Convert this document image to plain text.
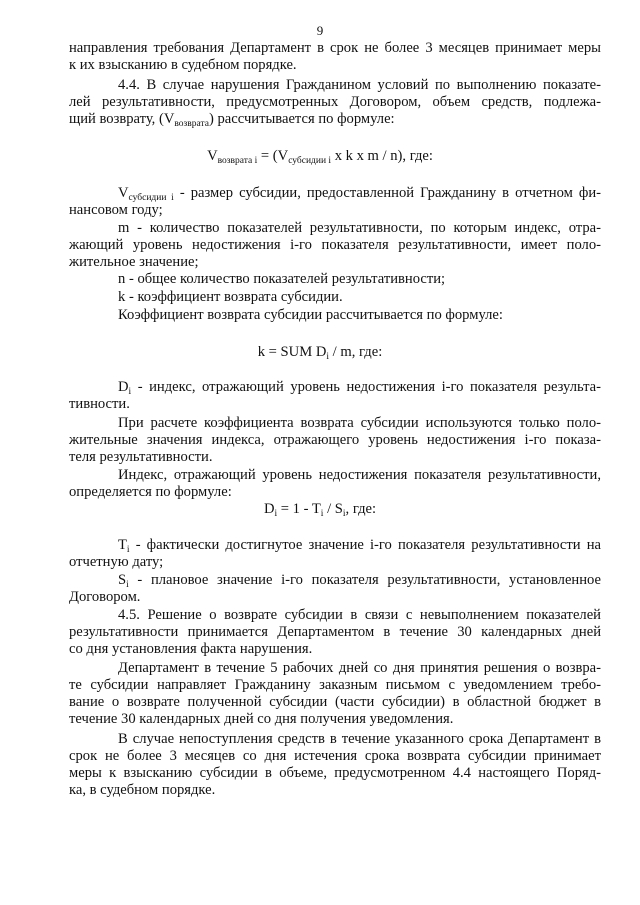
9
направления требования Департамент в срок не более 3 месяцев принимает меры
к их взысканию в судебном порядке.
4.4. В случае нарушения Гражданином условий по выполнению показате-
лей результативности, предусмотренных Договором, объем средств, подлежа-
щий возврату, $(V_{возврата})$ рассчитывается по формуле:
$V_{возврата i} = (V_{субсидии i}$ x k x m / n), где:
$V_{субсидии i}$ - размер субсидии, предоставленной Гражданину в отчетном фи-
нансовом году;
m - количество показателей результативности, по которым индекс, отра-
жающий уровень недостижения i-го показателя результативности, имеет поло-
жительное значение;
n - общее количество показателей результативности;
k - коэффициент возврата субсидии.
Коэффициент возврата субсидии рассчитывается по формуле:
k = SUM $D_i$ / m, где:
$D_i$ - индекс, отражающий уровень недостижения i-го показателя результа-
тивности.
При расчете коэффициента возврата субсидии используются только поло-
жительные значения индекса, отражающего уровень недостижения i-го показа-
теля результативности.
Индекс, отражающий уровень недостижения показателя результативности,
определяется по формуле:
$D_i = 1 - T_i / S_i$, где:
$T_i$ - фактически достигнутое значение i-го показателя результативности на
отчетную дату;
$S_i$ - плановое значение i-го показателя результативности, установленное
Договором.
4.5. Решение о возврате субсидии в связи с невыполнением показателей
результативности принимается Департаментом в течение 30 календарных дней
со дня установления факта нарушения.
Департамент в течение 5 рабочих дней со дня принятия решения о возвра-
те субсидии направляет Гражданину заказным письмом с уведомлением требо-
вание о возврате полученной субсидии (части субсидии) в областной бюджет в
течение 30 календарных дней со дня получения уведомления.
В случае непоступления средств в течение указанного срока Департамент в
срок не более 3 месяцев со дня истечения срока возврата субсидии принимает
меры к взысканию субсидии в объеме, предусмотренном 4.4 настоящего Поряд-
ка, в судебном порядке.
